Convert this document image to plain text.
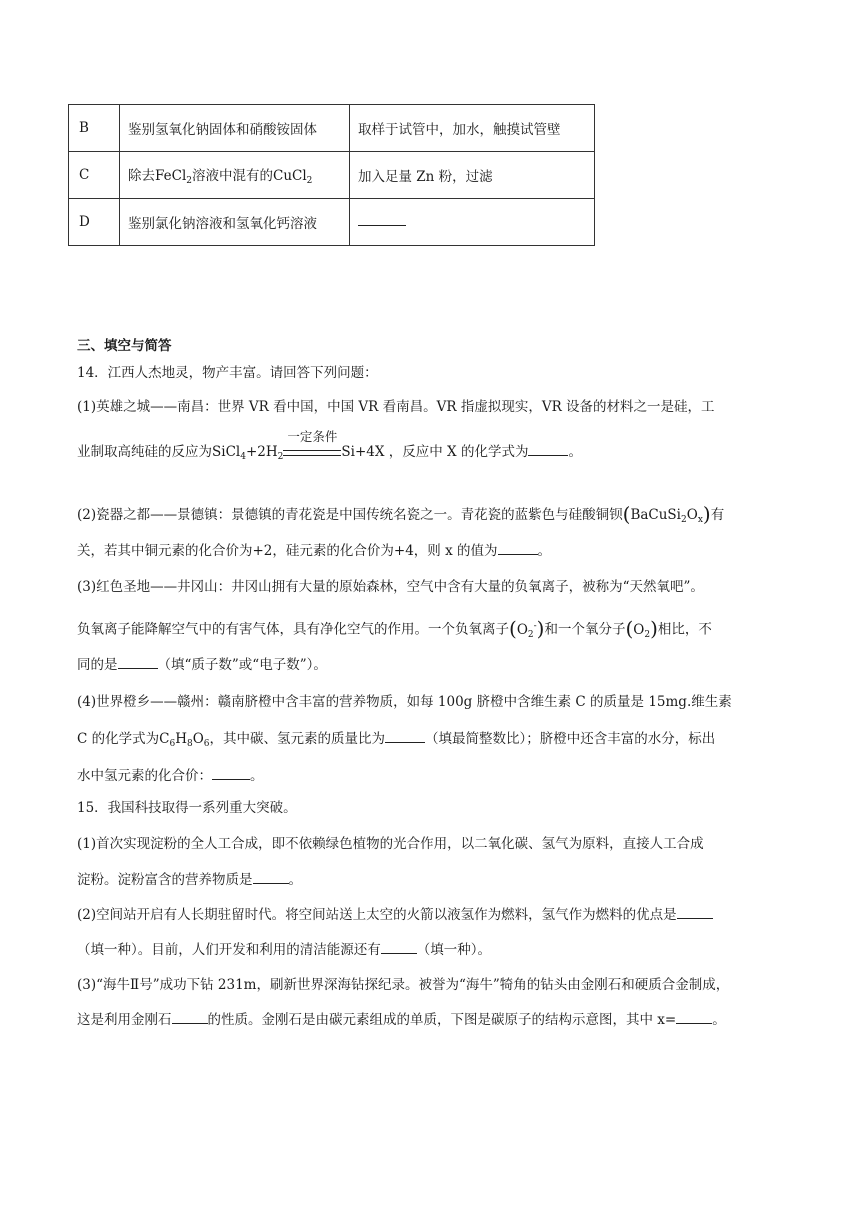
B	鉴别氢氧化钠固体和硝酸铵固体	取样于试管中，加水，触摸试管壁
C	除去FeCl$_2$溶液中混有的CuCl$_2$	加入足量 Zn 粉，过滤
D	鉴别氯化钠溶液和氢氧化钙溶液	
三、填空与简答
14．江西人杰地灵，物产丰富。请回答下列问题：
(1)英雄之城——南昌：世界 VR 看中国，中国 VR 看南昌。VR 指虚拟现实，VR 设备的材料之一是硅，工
业制取高纯硅的反应为$SiCl_4+2H_2$
一定条件
Si+4X ，反应中 X 的化学式为	。
(2)瓷器之都——景德镇：景德镇的青花瓷是中国传统名瓷之一。青花瓷的蓝紫色与硅酸铜钡$(BaCuSi_2O_x)$有
关，若其中铜元素的化合价为+2，硅元素的化合价为+4，则 x 的值为	。
(3)红色圣地——井冈山：井冈山拥有大量的原始森林，空气中含有大量的负氧离子，被称为“天然氧吧”。
负氧离子能降解空气中的有害气体，具有净化空气的作用。一个负氧离子$(O_2^-)$和一个氧分子$(O_2)$相比，不
同的是	（填“质子数”或“电子数”）。
(4)世界橙乡——赣州：赣南脐橙中含丰富的营养物质，如每 100g 脐橙中含维生素 C 的质量是 15mg.维生素
C 的化学式为$C_6H_8O_6$，其中碳、氢元素的质量比为	（填最简整数比）；脐橙中还含丰富的水分，标出
水中氢元素的化合价：	。
15．我国科技取得一系列重大突破。
(1)首次实现淀粉的全人工合成，即不依赖绿色植物的光合作用，以二氧化碳、氢气为原料，直接人工合成
淀粉。淀粉富含的营养物质是	。
(2)空间站开启有人长期驻留时代。将空间站送上太空的火箭以液氢作为燃料，氢气作为燃料的优点是
（填一种）。目前，人们开发和利用的清洁能源还有	（填一种）。
(3)“海牛Ⅱ号”成功下钻 231m，刷新世界深海钻探纪录。被誉为“海牛”犄角的钻头由金刚石和硬质合金制成，
这是利用金刚石	的性质。金刚石是由碳元素组成的单质，下图是碳原子的结构示意图，其中 x=	。
